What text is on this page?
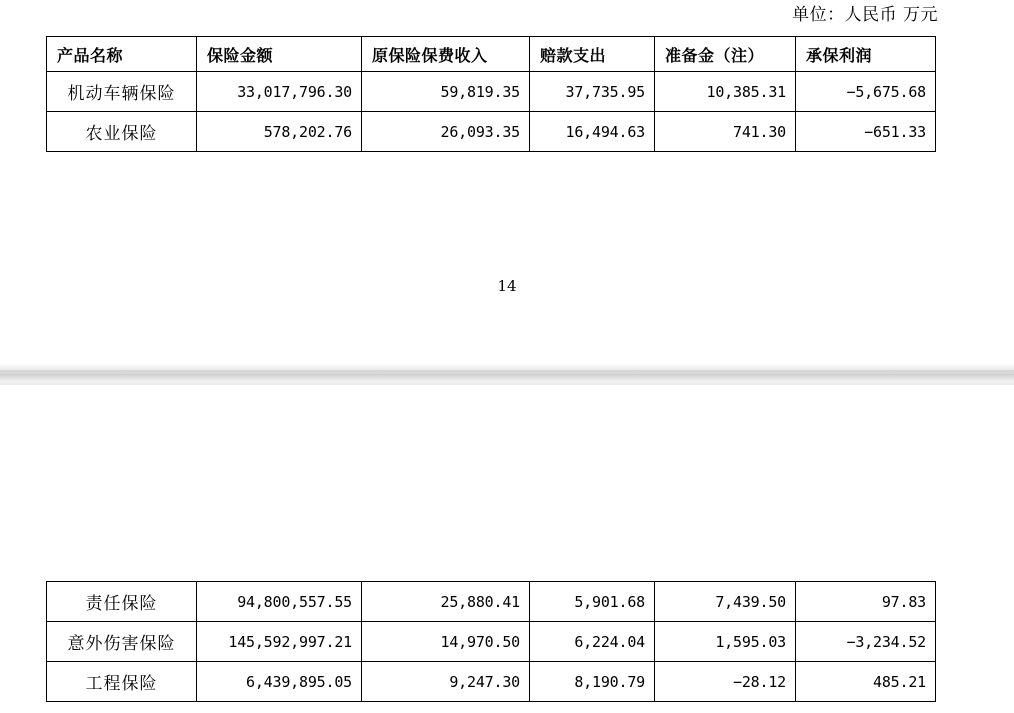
单位：人民币 万元
产品名称	保险金额	原保险保费收入	赔款支出	准备金（注）	承保利润
机动车辆保险	33,017,796.30	59,819.35	37,735.95	10,385.31	−5,675.68
农业保险	578,202.76	26,093.35	16,494.63	741.30	−651.33
14
责任保险	94,800,557.55	25,880.41	5,901.68	7,439.50	97.83
意外伤害保险	145,592,997.21	14,970.50	6,224.04	1,595.03	−3,234.52
工程保险	6,439,895.05	9,247.30	8,190.79	−28.12	485.21
